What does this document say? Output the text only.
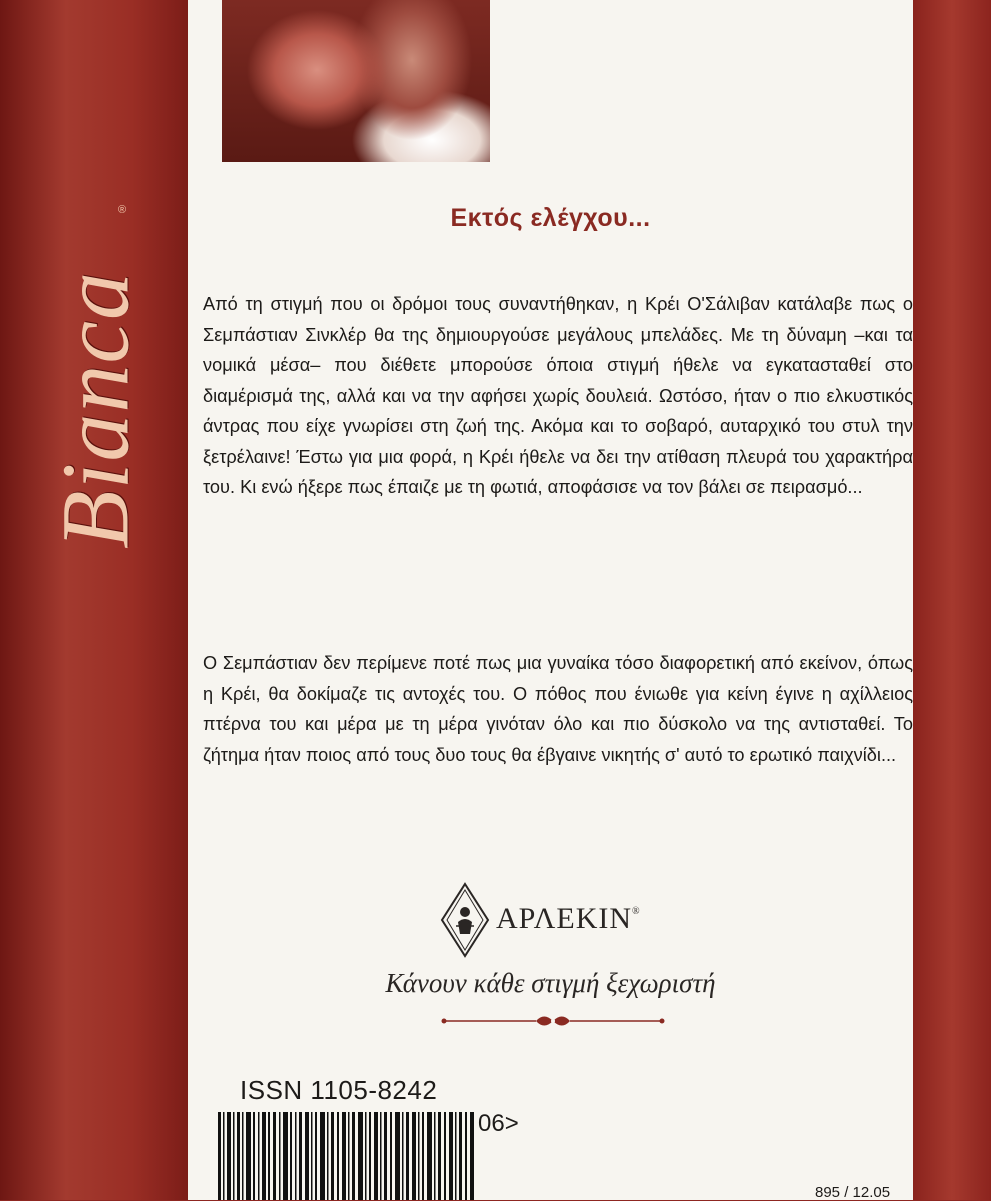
Bianca
®	Εκτός ελέγχου...

Από τη στιγμή που οι δρόμοι τους συναντήθηκαν, η Κρέι Ο'Σάλιβαν κατάλαβε πως ο Σεμπάστιαν Σινκλέρ θα της δημιουργούσε μεγάλους μπελάδες. Με τη δύναμη –και τα νομικά μέσα– που διέθετε μπορούσε όποια στιγμή ήθελε να εγκατασταθεί στο διαμέρισμά της, αλλά και να την αφήσει χωρίς δουλειά. Ωστόσο, ήταν ο πιο ελκυστικός άντρας που είχε γνωρίσει στη ζωή της. Ακόμα και το σοβαρό, αυταρχικό του στυλ την ξετρέλαινε! Έστω για μια φορά, η Κρέι ήθελε να δει την ατίθαση πλευρά του χαρακτήρα του. Κι ενώ ήξερε πως έπαιζε με τη φωτιά, αποφάσισε να τον βάλει σε πειρασμό...

Ο Σεμπάστιαν δεν περίμενε ποτέ πως μια γυναίκα τόσο διαφορετική από εκείνον, όπως η Κρέι, θα δοκίμαζε τις αντοχές του. Ο πόθος που ένιωθε για κείνη έγινε η αχίλλειος πτέρνα του και μέρα με τη μέρα γινόταν όλο και πιο δύσκολο να της αντισταθεί. Το ζήτημα ήταν ποιος από τους δυο τους θα έβγαινε νικητής σ' αυτό το ερωτικό παιχνίδι...

ΑΡΛΕΚΙΝ®
Κάνουν κάθε στιγμή ξεχωριστή
ISSN 1105-8242
06>
895 / 12.05
